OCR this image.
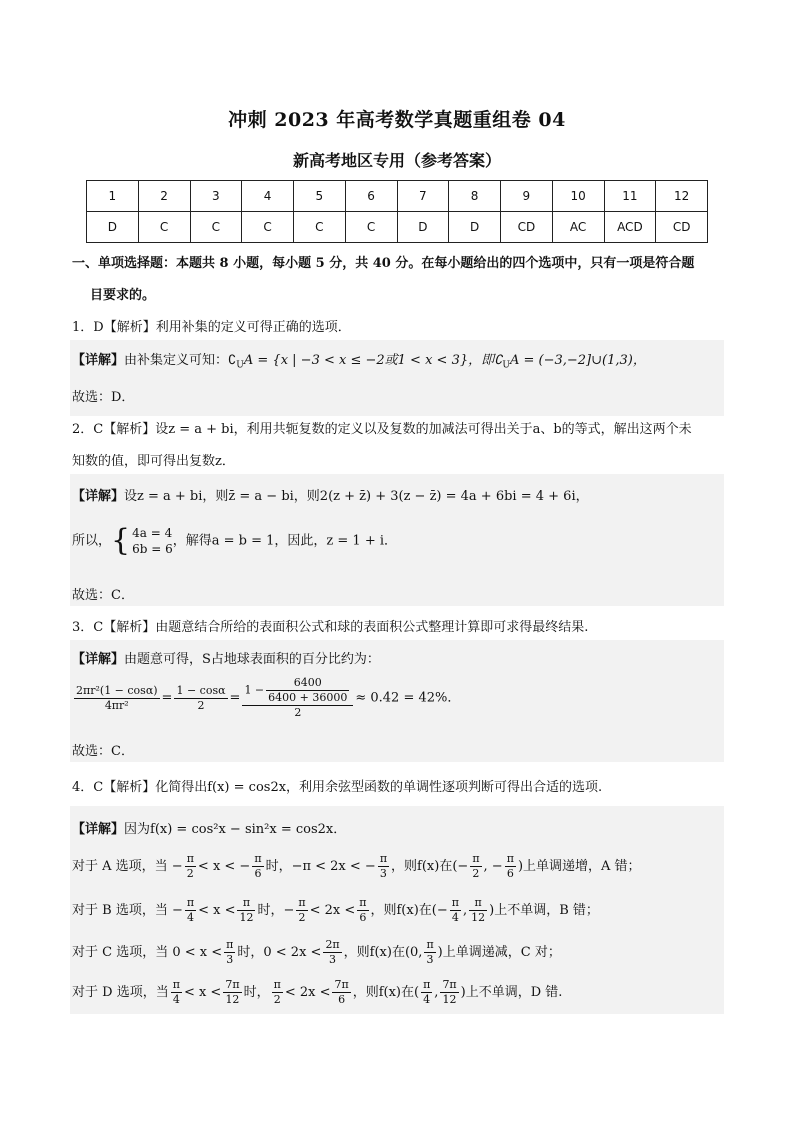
冲刺 2023 年高考数学真题重组卷 04
新高考地区专用（参考答案）
1	2	3	4	5	6	7	8	9	10	11	12
D	C	C	C	C	C	D	D	CD	AC	ACD	CD
一、单项选择题：本题共 8 小题，每小题 5 分，共 40 分。在每小题给出的四个选项中，只有一项是符合题
目要求的。
1．D【解析】利用补集的定义可得正确的选项．
【详解】由补集定义可知：$∁_UA = \{x$ | −3 < x ≤ −2或1 < x < 3}，即$∁_UA$ = (−3,−2]∪(1,3)，
故选：D．
2．C【解析】设z = a + bi，利用共轭复数的定义以及复数的加减法可得出关于a、b的等式，解出这两个未
知数的值，即可得出复数z．
【详解】设z = a + bi，则z̄ = a − bi，则2(z + z̄) + 3(z − z̄) = 4a + 6bi = 4 + 6i，
所以，{ 4a = 4
6b = 6
，解得a = b = 1，因此，z = 1 + i．
故选：C．
3．C【解析】由题意结合所给的表面积公式和球的表面积公式整理计算即可求得最终结果.
【详解】由题意可得，S占地球表面积的百分比约为：
$\frac{\text{2πr²(1 − cosα)}}{\text{4πr²}} = \frac{1 - \cos\alpha}{2} = \frac{1 - \frac{6400}{6400 + 36000}}{2} \approx 0.42 = 42\%$．
故选：C．
4．C【解析】化简得出f(x) = cos2x，利用余弦型函数的单调性逐项判断可得出合适的选项.
【详解】因为f(x) = cos²x − sin²x = cos2x．
对于 A 选项，当 − $\frac{\pi}{2} < x$ < − $\frac{\pi}{6}$ 时，−π < 2x < − $\frac{\pi}{3}$ ，则f(x)在(− $\frac{\pi}{2}$ , − $\frac{\pi}{6}$ )上单调递增，A 错；
对于 B 选项，当 − $\frac{\pi}{4} < x < \frac{\pi}{12}$ 时，− $\frac{\pi}{2} < 2x < \frac{\pi}{6}$ ，则f(x)在(− $\frac{\pi}{4}$ , $\frac{\pi}{12}$ )上不单调，B 错；
对于 C 选项，当 $0 < x < \frac{\pi}{3}$ 时，$0 < 2x < \frac{2\pi}{3}$ ，则f(x)在(0, $\frac{\pi}{3}$ )上单调递减，C 对；
对于 D 选项，当 $\frac{\pi}{4} < x < \frac{7\pi}{12}$ 时， $\frac{\pi}{2} < 2x < \frac{7\pi}{6}$ ，则f(x)在( $\frac{\pi}{4}$ , $\frac{7\pi}{12}$ )上不单调，D 错.
